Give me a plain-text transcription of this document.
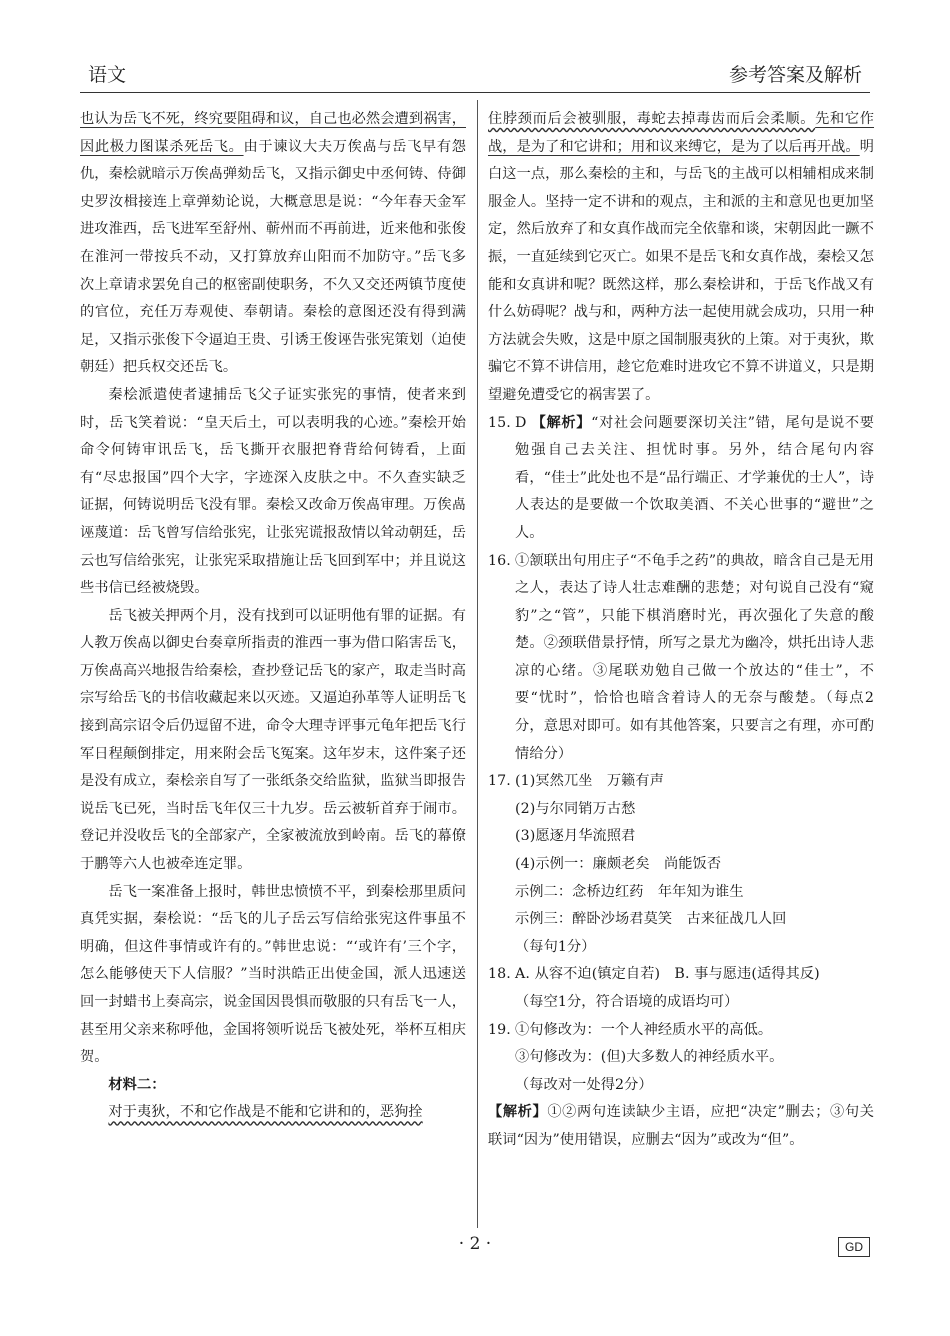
语文	参考答案及解析

也认为岳飞不死，终究要阻碍和议，自己也必然会遭到祸害，因此极力图谋杀死岳飞。由于谏议大夫万俟卨与岳飞早有怨仇，秦桧就暗示万俟卨弹劾岳飞，又指示御史中丞何铸、侍御史罗汝楫接连上章弹劾论说，大概意思是说：“今年春天金军进攻淮西，岳飞进军至舒州、蕲州而不再前进，近来他和张俊在淮河一带按兵不动，又打算放弃山阳而不加防守。”岳飞多次上章请求罢免自己的枢密副使职务，不久又交还两镇节度使的官位，充任万寿观使、奉朝请。秦桧的意图还没有得到满足，又指示张俊下令逼迫王贵、引诱王俊诬告张宪策划（迫使朝廷）把兵权交还岳飞。

秦桧派遣使者逮捕岳飞父子证实张宪的事情，使者来到时，岳飞笑着说：“皇天后土，可以表明我的心迹。”秦桧开始命令何铸审讯岳飞，岳飞撕开衣服把脊背给何铸看，上面有“尽忠报国”四个大字，字迹深入皮肤之中。不久查实缺乏证据，何铸说明岳飞没有罪。秦桧又改命万俟卨审理。万俟卨诬蔑道：岳飞曾写信给张宪，让张宪谎报敌情以耸动朝廷，岳云也写信给张宪，让张宪采取措施让岳飞回到军中；并且说这些书信已经被烧毁。

岳飞被关押两个月，没有找到可以证明他有罪的证据。有人教万俟卨以御史台奏章所指责的淮西一事为借口陷害岳飞，万俟卨高兴地报告给秦桧，查抄登记岳飞的家产，取走当时高宗写给岳飞的书信收藏起来以灭迹。又逼迫孙革等人证明岳飞接到高宗诏令后仍逗留不进，命令大理寺评事元龟年把岳飞行军日程颠倒排定，用来附会岳飞冤案。这年岁末，这件案子还是没有成立，秦桧亲自写了一张纸条交给监狱，监狱当即报告说岳飞已死，当时岳飞年仅三十九岁。岳云被斩首弃于闹市。登记并没收岳飞的全部家产，全家被流放到岭南。岳飞的幕僚于鹏等六人也被牵连定罪。

岳飞一案准备上报时，韩世忠愤愤不平，到秦桧那里质问真凭实据，秦桧说：“岳飞的儿子岳云写信给张宪这件事虽不明确，但这件事情或许有的。”韩世忠说：“‘或许有’三个字，怎么能够使天下人信服？”当时洪皓正出使金国，派人迅速送回一封蜡书上奏高宗，说金国因畏惧而敬服的只有岳飞一人，甚至用父亲来称呼他，金国将领听说岳飞被处死，举杯互相庆贺。

材料二：

对于夷狄，不和它作战是不能和它讲和的，恶狗拴

住脖颈而后会被驯服，毒蛇去掉毒齿而后会柔顺。先和它作战，是为了和它讲和；用和议来缚它，是为了以后再开战。明白这一点，那么秦桧的主和，与岳飞的主战可以相辅相成来制服金人。坚持一定不讲和的观点，主和派的主和意见也更加坚定，然后放弃了和女真作战而完全依靠和谈，宋朝因此一蹶不振，一直延续到它灭亡。如果不是岳飞和女真作战，秦桧又怎能和女真讲和呢？既然这样，那么秦桧讲和，于岳飞作战又有什么妨碍呢？战与和，两种方法一起使用就会成功，只用一种方法就会失败，这是中原之国制服夷狄的上策。对于夷狄，欺骗它不算不讲信用，趁它危难时进攻它不算不讲道义，只是期望避免遭受它的祸害罢了。

15. D 【解析】“对社会问题要深切关注”错，尾句是说不要勉强自己去关注、担忧时事。另外，结合尾句内容看，“佳士”此处也不是“品行端正、才学兼优的士人”，诗人表达的是要做一个饮取美酒、不关心世事的“避世”之人。
16. ①颔联出句用庄子“不龟手之药”的典故，暗含自己是无用之人，表达了诗人壮志难酬的悲楚；对句说自己没有“窥豹”之“管”，只能下棋消磨时光，再次强化了失意的酸楚。②颈联借景抒情，所写之景尤为幽冷，烘托出诗人悲凉的心绪。③尾联劝勉自己做一个放达的“佳士”，不要“忧时”，恰恰也暗含着诗人的无奈与酸楚。（每点2分，意思对即可。如有其他答案，只要言之有理，亦可酌情给分）
17. (1)冥然兀坐　万籁有声
(2)与尔同销万古愁
(3)愿逐月华流照君
(4)示例一：廉颇老矣　尚能饭否
示例二：念桥边红药　年年知为谁生
示例三：醉卧沙场君莫笑　古来征战几人回
（每句1分）
18. A. 从容不迫(镇定自若)　B. 事与愿违(适得其反)
（每空1分，符合语境的成语均可）
19. ①句修改为：一个人神经质水平的高低。
③句修改为：(但)大多数人的神经质水平。
（每改对一处得2分）

【解析】①②两句连读缺少主语，应把“决定”删去；③句关联词“因为”使用错误，应删去“因为”或改为“但”。

· 2 ·	GD
